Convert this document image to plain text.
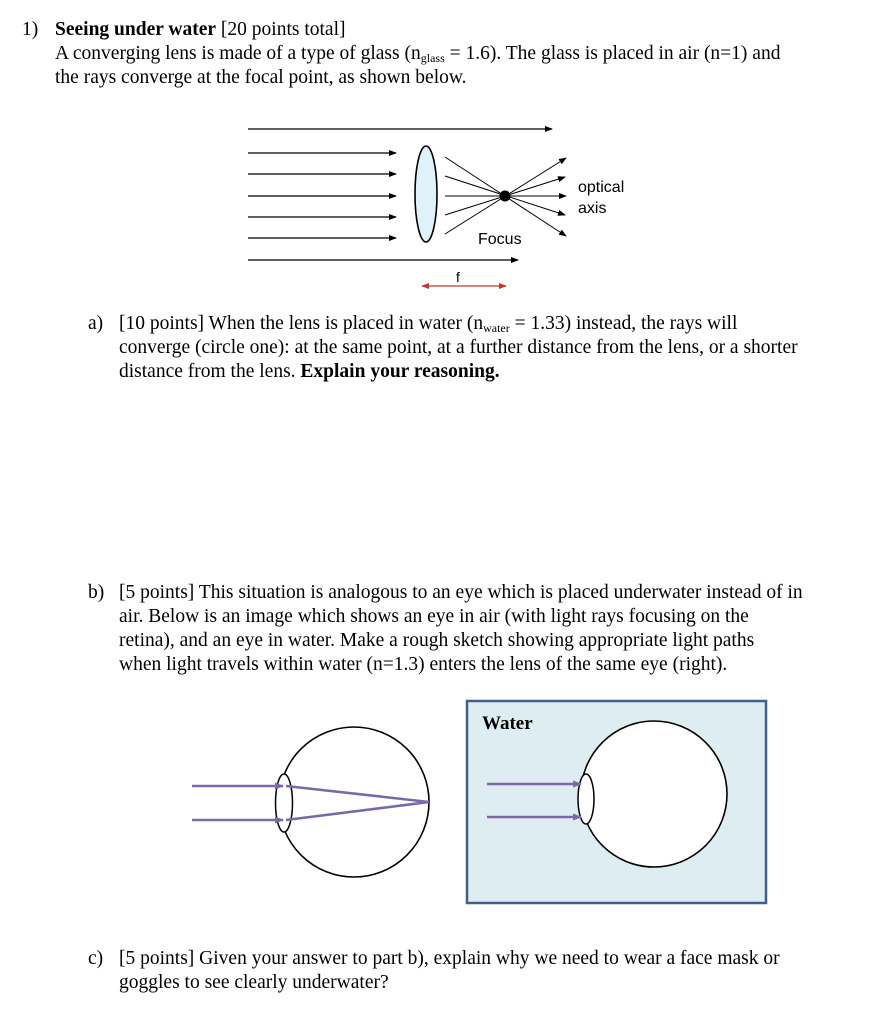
1) Seeing under water [20 points total]
A converging lens is made of a type of glass $(n_{glass} = 1.6)$. The glass is placed in air (n=1) and
the rays converge at the focal point, as shown below.
optical
axis
Focus
f
a) [10 points] When the lens is placed in water $(n_{water} = 1.33)$ instead, the rays will
converge (circle one): at the same point, at a further distance from the lens, or a shorter
distance from the lens. Explain your reasoning.
b) [5 points] This situation is analogous to an eye which is placed underwater instead of in
air. Below is an image which shows an eye in air (with light rays focusing on the
retina), and an eye in water. Make a rough sketch showing appropriate light paths
when light travels within water (n=1.3) enters the lens of the same eye (right).
Water
c) [5 points] Given your answer to part b), explain why we need to wear a face mask or
goggles to see clearly underwater?
